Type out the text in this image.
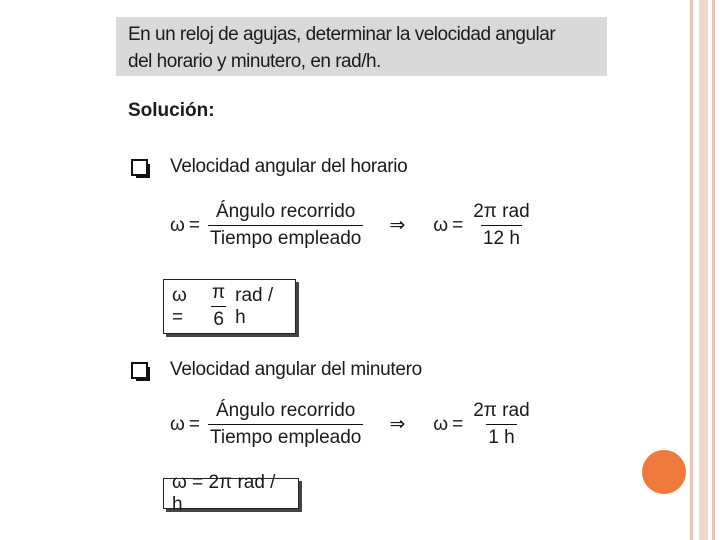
En un reloj de agujas, determinar la velocidad angular
del horario y minutero, en rad/h.
Solución:
Velocidad angular del horario
$\omega = \frac{\text{Ángulo recorrido}}{\text{Tiempo empleado}}$ ⇒ $\omega = \frac{\text{2π rad}}{12 h}$
ω =	$\frac{\pi}{6}$ rad / h
Velocidad angular del minutero
$\omega = \frac{\text{Ángulo recorrido}}{\text{Tiempo empleado}}$ ⇒ $\omega = \frac{\text{2π rad}}{1 h}$
ω = 2π rad / h
